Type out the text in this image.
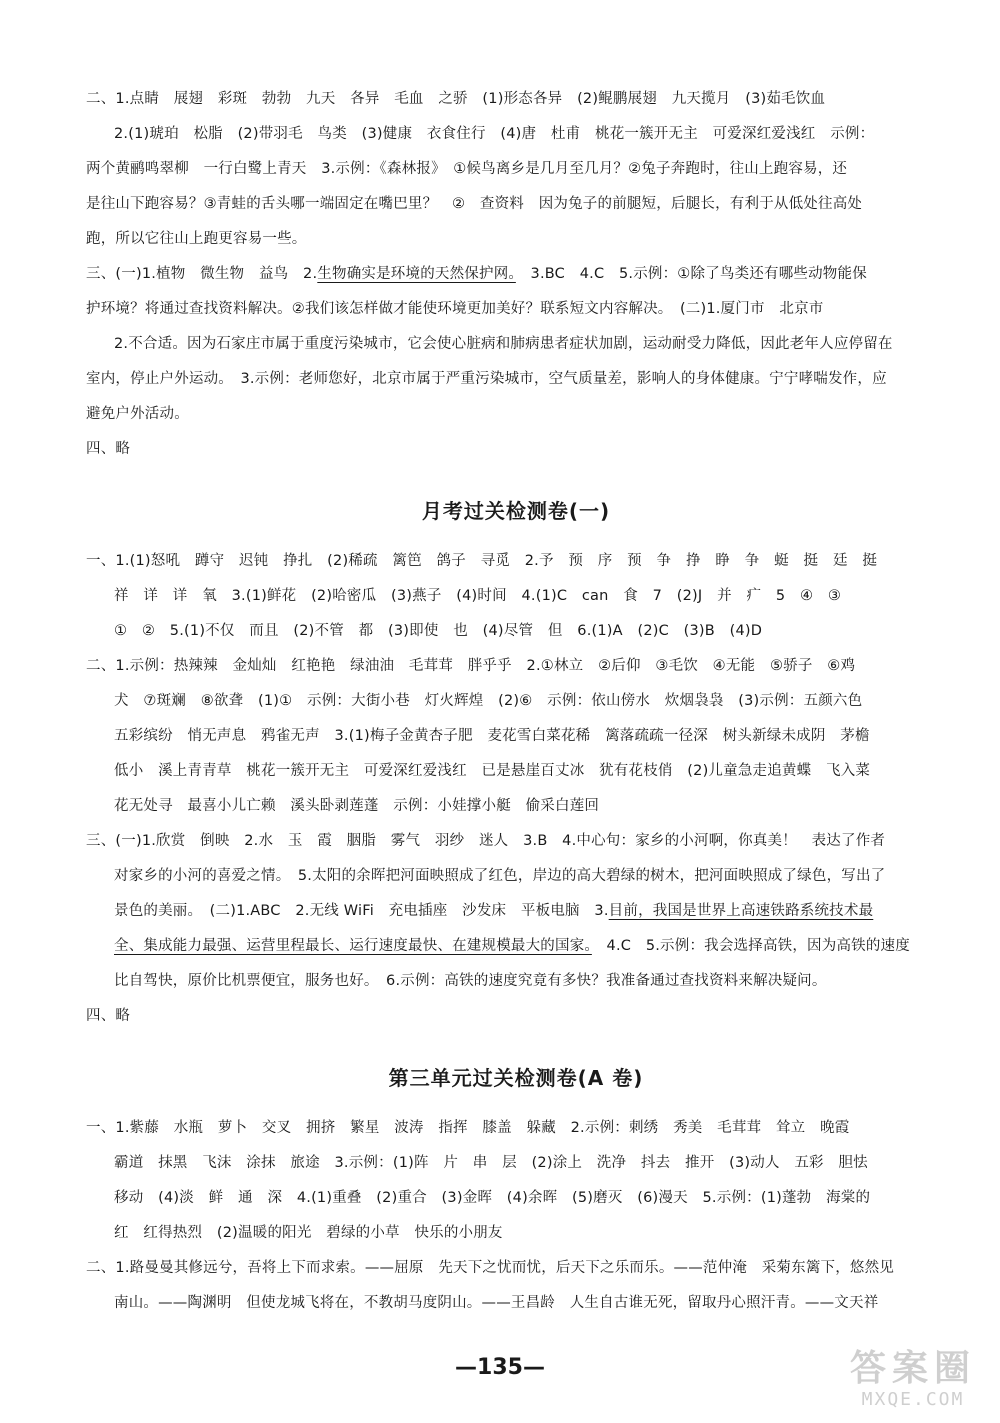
二、1.点睛　展翅　彩斑　勃勃　九天　各异　毛血　之骄　(1)形态各异　(2)鲲鹏展翅　九天揽月　(3)茹毛饮血

2.(1)琥珀　松脂　(2)带羽毛　鸟类　(3)健康　衣食住行　(4)唐　杜甫　桃花一簇开无主　可爱深红爱浅红　示例：

两个黄鹂鸣翠柳　一行白鹭上青天　3.示例：《森林报》　①候鸟离乡是几月至几月？②兔子奔跑时，往山上跑容易，还

是往山下跑容易？③青蛙的舌头哪一端固定在嘴巴里？　②　查资料　因为兔子的前腿短，后腿长，有利于从低处往高处

跑，所以它往山上跑更容易一些。

三、(一)1.植物　微生物　益鸟　2.生物确实是环境的天然保护网。　3.BC　4.C　5.示例：①除了鸟类还有哪些动物能保

护环境？将通过查找资料解决。②我们该怎样做才能使环境更加美好？联系短文内容解决。　(二)1.厦门市　北京市

2.不合适。因为石家庄市属于重度污染城市，它会使心脏病和肺病患者症状加剧，运动耐受力降低，因此老年人应停留在

室内，停止户外运动。　3.示例：老师您好，北京市属于严重污染城市，空气质量差，影响人的身体健康。宁宁哮喘发作，应

避免户外活动。

四、略

月考过关检测卷(一)

一、1.(1)怒吼　蹲守　迟钝　挣扎　(2)稀疏　篱笆　鸽子　寻觅　2.予　预　序　预　争　挣　睁　争　蜓　挺　廷　挺

祥　详　详　氧　3.(1)鲜花　(2)哈密瓜　(3)燕子　(4)时间　4.(1)C　can　食　7　(2)J　并　疒　5　④　③

①　②　5.(1)不仅　而且　(2)不管　都　(3)即使　也　(4)尽管　但　6.(1)A　(2)C　(3)B　(4)D

二、1.示例：热辣辣　金灿灿　红艳艳　绿油油　毛茸茸　胖乎乎　2.①林立　②后仰　③毛饮　④无能　⑤骄子　⑥鸡

犬　⑦斑斓　⑧欲聋　(1)①　示例：大街小巷　灯火辉煌　(2)⑥　示例：依山傍水　炊烟袅袅　(3)示例：五颜六色

五彩缤纷　悄无声息　鸦雀无声　3.(1)梅子金黄杏子肥　麦花雪白菜花稀　篱落疏疏一径深　树头新绿未成阴　茅檐

低小　溪上青青草　桃花一簇开无主　可爱深红爱浅红　已是悬崖百丈冰　犹有花枝俏　(2)儿童急走追黄蝶　飞入菜

花无处寻　最喜小儿亡赖　溪头卧剥莲蓬　示例：小娃撑小艇　偷采白莲回

三、(一)1.欣赏　倒映　2.水　玉　霞　胭脂　雾气　羽纱　迷人　3.B　4.中心句：家乡的小河啊，你真美！　表达了作者

对家乡的小河的喜爱之情。　5.太阳的余晖把河面映照成了红色，岸边的高大碧绿的树木，把河面映照成了绿色，写出了

景色的美丽。　(二)1.ABC　2.无线 WiFi　充电插座　沙发床　平板电脑　3.目前，我国是世界上高速铁路系统技术最

全、集成能力最强、运营里程最长、运行速度最快、在建规模最大的国家。　4.C　5.示例：我会选择高铁，因为高铁的速度

比自驾快，原价比机票便宜，服务也好。　6.示例：高铁的速度究竟有多快？我准备通过查找资料来解决疑问。

四、略

第三单元过关检测卷(A 卷)

一、1.紫藤　水瓶　萝卜　交叉　拥挤　繁星　波涛　指挥　膝盖　躲藏　2.示例：刺绣　秀美　毛茸茸　耸立　晚霞

霸道　抹黑　飞沫　涂抹　旅途　3.示例：(1)阵　片　串　层　(2)涂上　洗净　抖去　推开　(3)动人　五彩　胆怯

移动　(4)淡　鲜　通　深　4.(1)重叠　(2)重合　(3)金晖　(4)余晖　(5)磨灭　(6)漫天　5.示例：(1)蓬勃　海棠的

红　红得热烈　(2)温暖的阳光　碧绿的小草　快乐的小朋友

二、1.路曼曼其修远兮，吾将上下而求索。——屈原　先天下之忧而忧，后天下之乐而乐。——范仲淹　采菊东篱下，悠然见

南山。——陶渊明　但使龙城飞将在，不教胡马度阴山。——王昌龄　人生自古谁无死，留取丹心照汗青。——文天祥

—135—	答案圈
MXQE.COM
